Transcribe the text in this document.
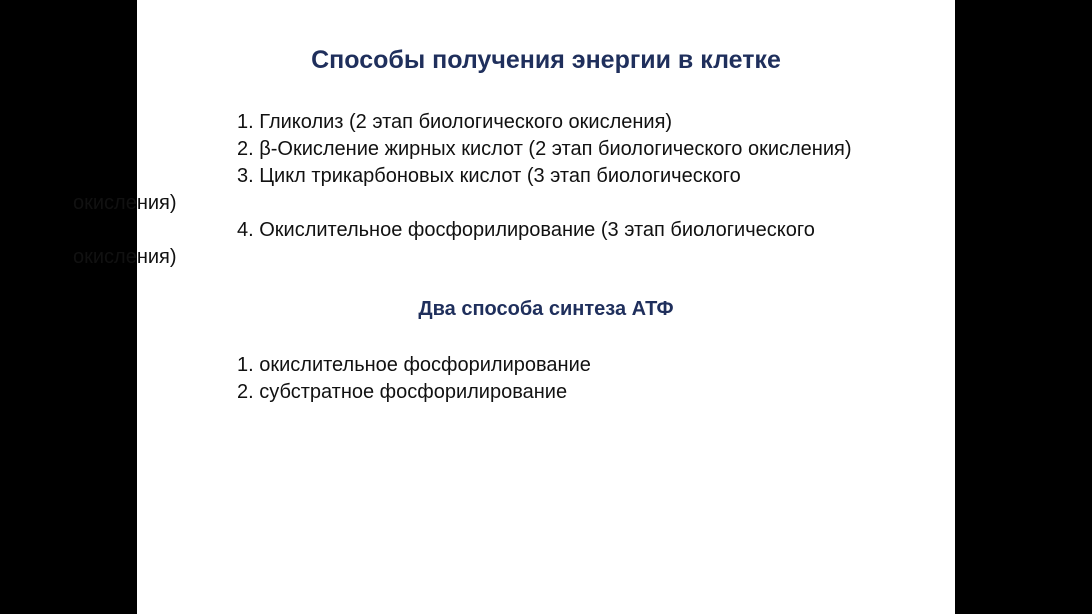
Способы получения энергии в клетке

1. Гликолиз (2 этап биологического окисления)

2. β-Окисление жирных кислот (2 этап биологического окисления)

3. Цикл трикарбоновых кислот (3 этап биологического
окисления)

4. Окислительное фосфорилирование (3 этап биологического
окисления)

Два способа синтеза АТФ

1. окислительное фосфорилирование

2. субстратное фосфорилирование
